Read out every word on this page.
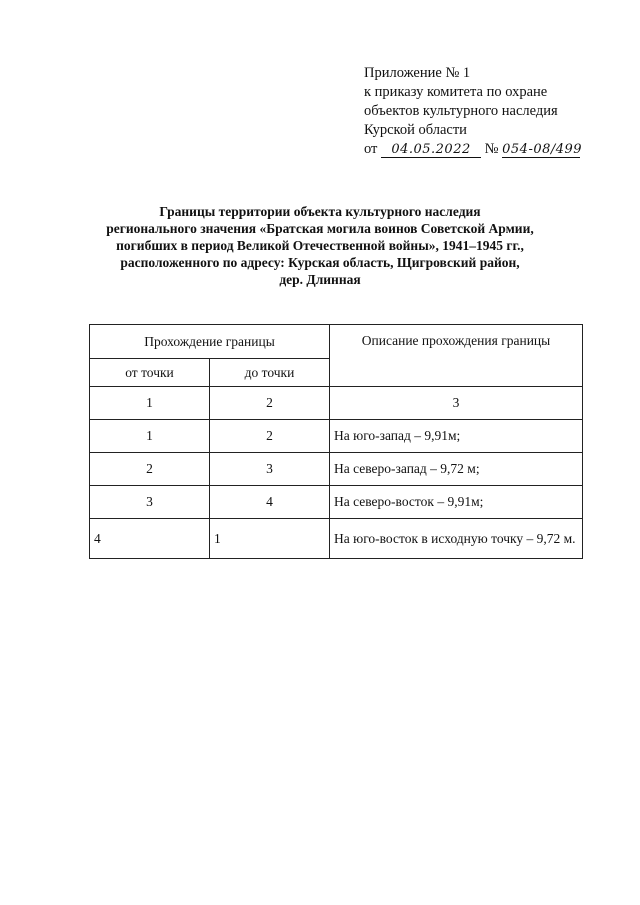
Приложение № 1
к приказу комитета по охране
объектов культурного наследия
Курской области
от 04.05.2022 № 054-08/499
Границы территории объекта культурного наследия
регионального значения «Братская могила воинов Советской Армии,
погибших в период Великой Отечественной войны», 1941–1945 гг.,
расположенного по адресу: Курская область, Щигровский район,
дер. Длинная
Прохождение границы		Описание прохождения границы
от точки	до точки	
1	2	3
1	2	На юго-запад – 9,91м;
2	3	На северо-запад – 9,72 м;
3	4	На северо-восток – 9,91м;
4	1	На юго-восток в исходную точку – 9,72 м.
